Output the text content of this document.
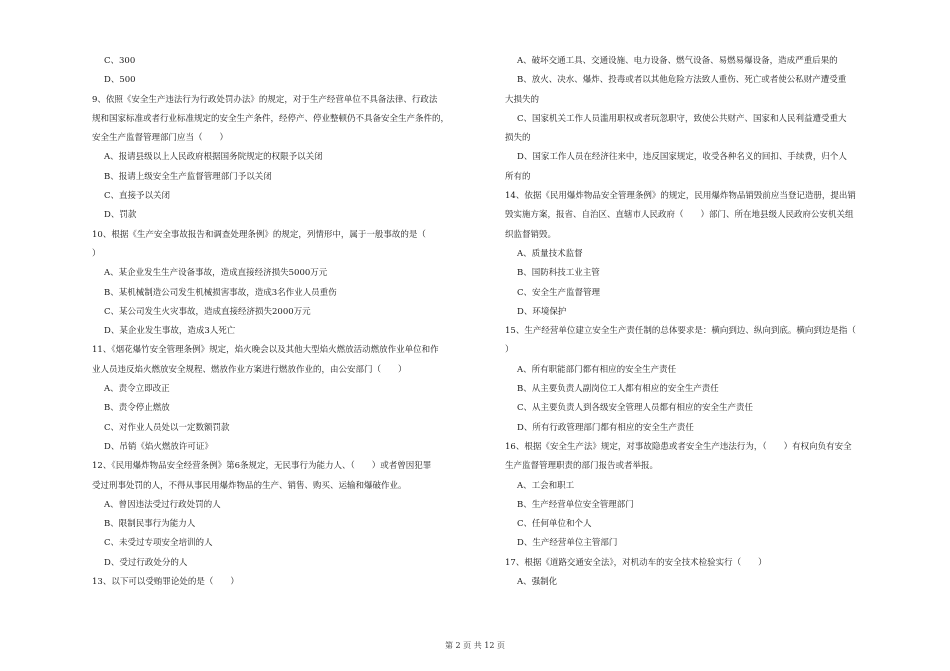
C、300
D、500
9、依照《安全生产违法行为行政处罚办法》的规定，对于生产经营单位不具备法律、行政法
规和国家标准或者行业标准规定的安全生产条件，经停产、停业整顿仍不具备安全生产条件的，
安全生产监督管理部门应当（　　）
A、报请县级以上人民政府根据国务院规定的权限予以关闭
B、报请上级安全生产监督管理部门予以关闭
C、直接予以关闭
D、罚款
10、根据《生产安全事故报告和调查处理条例》的规定，列情形中，属于一般事故的是（
）
A、某企业发生生产设备事故，造成直接经济损失5000万元
B、某机械制造公司发生机械损害事故，造成3名作业人员重伤
C、某公司发生火灾事故，造成直接经济损失2000万元
D、某企业发生事故，造成3人死亡
11、《烟花爆竹安全管理条例》规定，焰火晚会以及其他大型焰火燃放活动燃放作业单位和作
业人员违反焰火燃放安全规程、燃放作业方案进行燃放作业的，由公安部门（　　）
A、责令立即改正
B、责令停止燃放
C、对作业人员处以一定数额罚款
D、吊销《焰火燃放许可证》
12、《民用爆炸物品安全经营条例》第6条规定，无民事行为能力人、（　　）或者曾因犯罪
受过刑事处罚的人，不得从事民用爆炸物品的生产、销售、购买、运输和爆破作业。
A、曾因违法受过行政处罚的人
B、限制民事行为能力人
C、未受过专项安全培训的人
D、受过行政处分的人
13、以下可以受贿罪论处的是（　　）
A、破坏交通工具、交通设施、电力设备、燃气设备、易燃易爆设备，造成严重后果的
B、放火、决水、爆炸、投毒或者以其他危险方法致人重伤、死亡或者使公私财产遭受重
大损失的
C、国家机关工作人员滥用职权或者玩忽职守，致使公共财产、国家和人民利益遭受重大
损失的
D、国家工作人员在经济往来中，违反国家规定，收受各种名义的回扣、手续费，归个人
所有的
14、依据《民用爆炸物品安全管理条例》的规定，民用爆炸物品销毁前应当登记造册，提出销
毁实施方案，报省、自治区、直辖市人民政府（　　）部门、所在地县级人民政府公安机关组
织监督销毁。
A、质量技术监督
B、国防科技工业主管
C、安全生产监督管理
D、环境保护
15、生产经营单位建立安全生产责任制的总体要求是：横向到边、纵向到底。横向到边是指（
）
A、所有职能部门都有相应的安全生产责任
B、从主要负责人副岗位工人都有相应的安全生产责任
C、从主要负责人到各级安全管理人员都有相应的安全生产责任
D、所有行政管理部门都有相应的安全生产责任
16、根据《安全生产法》规定，对事故隐患或者安全生产违法行为，（　　）有权向负有安全
生产监督管理职责的部门报告或者举报。
A、工会和职工
B、生产经营单位安全管理部门
C、任何单位和个人
D、生产经营单位主管部门
17、根据《道路交通安全法》，对机动车的安全技术检验实行（　　）
A、强制化
第 2 页 共 12 页
